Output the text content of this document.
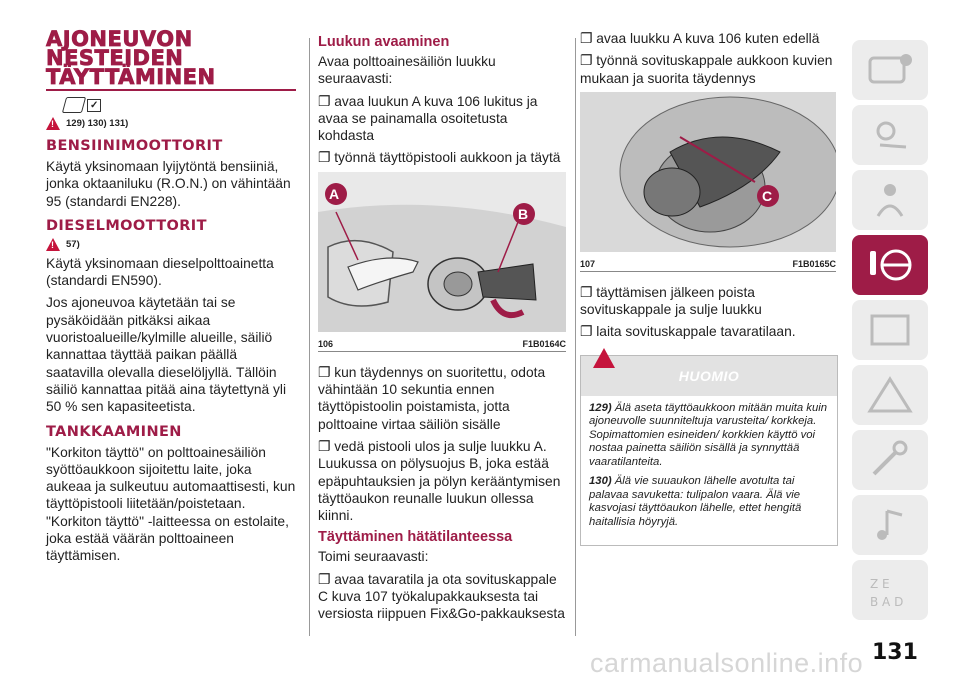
AJONEUVON
NESTEIDEN
TÄYTTÄMINEN
✓
!
129) 130) 131)
BENSIINIMOOTTORIT

Käytä yksinomaan lyijytöntä bensiiniä, jonka oktaaniluku (R.O.N.) on vähintään 95 (standardi EN228).

DIESELMOOTTORIT
!
57)

Käytä yksinomaan dieselpolttoainetta (standardi EN590).

Jos ajoneuvoa käytetään tai se pysäköidään pitkäksi aikaa vuoristoalueille/kylmille alueille, säiliö kannattaa täyttää paikan päällä saatavilla olevalla dieselöljyllä. Tällöin säiliö kannattaa pitää aina täytettynä yli 50 % sen kapasiteetista.

TANKKAAMINEN

"Korkiton täyttö" on polttoainesäiliön syöttöaukkoon sijoitettu laite, joka aukeaa ja sulkeutuu automaattisesti, kun täyttöpistooli liitetään/poistetaan. "Korkiton täyttö" -laitteessa on estolaite, joka estää väärän polttoaineen täyttämisen.

Luukun avaaminen

Avaa polttoainesäiliön luukku seuraavasti:

❐ avaa luukun A kuva 106 lukitus ja avaa se painamalla osoitetusta kohdasta

❐ työnnä täyttöpistooli aukkoon ja täytä

A
B
106	F1B0164C

❐ kun täydennys on suoritettu, odota vähintään 10 sekuntia ennen täyttöpistoolin poistamista, jotta polttoaine virtaa säiliön sisälle

❐ vedä pistooli ulos ja sulje luukku A. Luukussa on pölysuojus B, joka estää epäpuhtauksien ja pölyn kerääntymisen täyttöaukon reunalle luukun ollessa kiinni.

Täyttäminen hätätilanteessa

Toimi seuraavasti:

❐ avaa tavaratila ja ota sovituskappale C kuva 107 työkalupakkauksesta tai versiosta riippuen Fix&Go-pakkauksesta

❐ avaa luukku A kuva 106 kuten edellä

❐ työnnä sovituskappale aukkoon kuvien mukaan ja suorita täydennys

C
107	F1B0165C

❐ täyttämisen jälkeen poista sovituskappale ja sulje luukku

❐ laita sovituskappale tavaratilaan.

HUOMIO

129) Älä aseta täyttöaukkoon mitään muita kuin ajoneuvolle suunniteltuja varusteita/ korkkeja. Sopimattomien esineiden/ korkkien käyttö voi nostaa painetta säiliön sisällä ja synnyttää vaaratilanteita.

130) Älä vie suuaukon lähelle avotulta tai palavaa savuketta: tulipalon vaara. Älä vie kasvojasi täyttöaukon lähelle, ettet hengitä haitallisia höyryjä.

Z E
B A D
131
carmanualsonline.info
